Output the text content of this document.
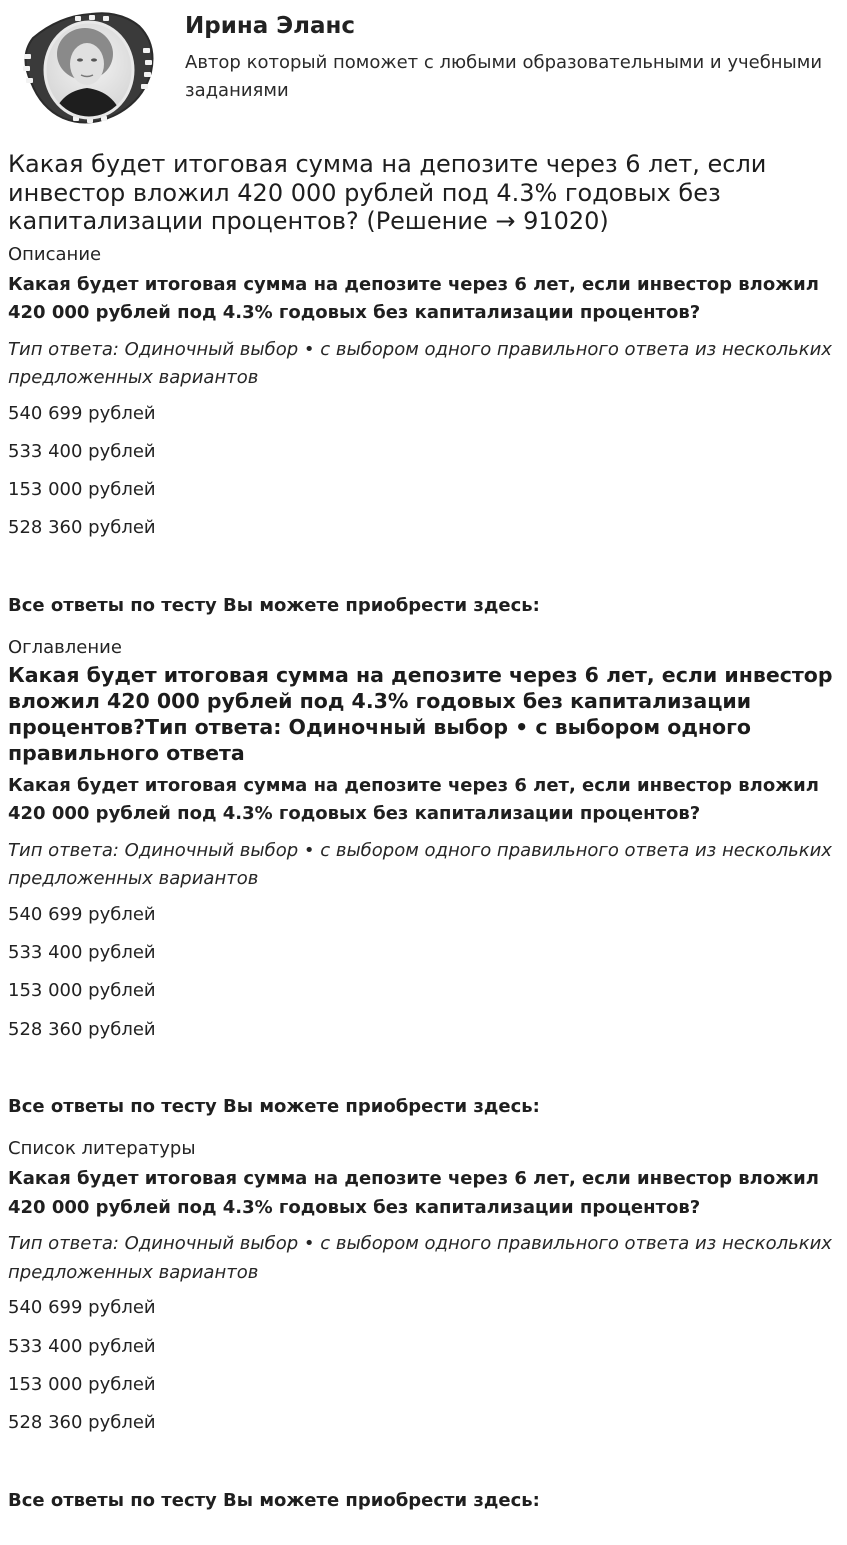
Ирина Эланс

Автор который поможет с любыми образовательными и учебными заданиями

Какая будет итоговая сумма на депозите через 6 лет, если инвестор вложил 420 000 рублей под 4.3% годовых без капитализации процентов? (Решение → 91020)

Описание

Какая будет итоговая сумма на депозите через 6 лет, если инвестор вложил 420 000 рублей под 4.3% годовых без капитализации процентов?

Тип ответа: Одиночный выбор • с выбором одного правильного ответа из нескольких предложенных вариантов

540 699 рублей
533 400 рублей
153 000 рублей
528 360 рублей

Все ответы по тесту Вы можете приобрести здесь:

Оглавление

Какая будет итоговая сумма на депозите через 6 лет, если инвестор вложил 420 000 рублей под 4.3% годовых без капитализации процентов?Тип ответа: Одиночный выбор • с выбором одного правильного ответа

Какая будет итоговая сумма на депозите через 6 лет, если инвестор вложил 420 000 рублей под 4.3% годовых без капитализации процентов?

Тип ответа: Одиночный выбор • с выбором одного правильного ответа из нескольких предложенных вариантов

540 699 рублей
533 400 рублей
153 000 рублей
528 360 рублей

Все ответы по тесту Вы можете приобрести здесь:

Список литературы

Какая будет итоговая сумма на депозите через 6 лет, если инвестор вложил 420 000 рублей под 4.3% годовых без капитализации процентов?

Тип ответа: Одиночный выбор • с выбором одного правильного ответа из нескольких предложенных вариантов

540 699 рублей
533 400 рублей
153 000 рублей
528 360 рублей

Все ответы по тесту Вы можете приобрести здесь:
